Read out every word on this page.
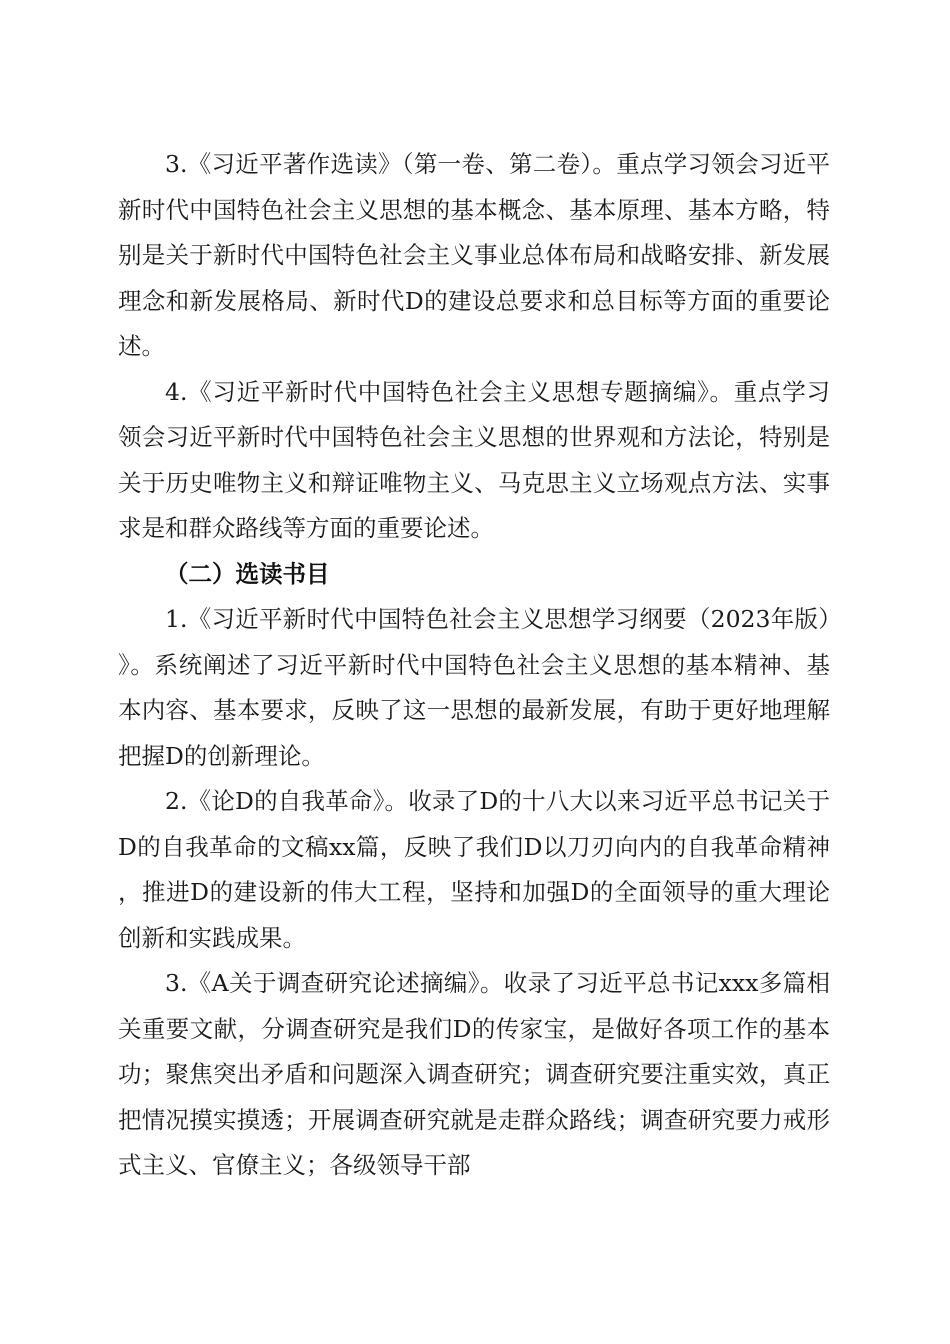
3.《习近平著作选读》（第一卷、第二卷）。重点学习领会习近平新时代中国特色社会主义思想的基本概念、基本原理、基本方略，特别是关于新时代中国特色社会主义事业总体布局和战略安排、新发展理念和新发展格局、新时代D的建设总要求和总目标等方面的重要论述。

4.《习近平新时代中国特色社会主义思想专题摘编》。重点学习领会习近平新时代中国特色社会主义思想的世界观和方法论，特别是关于历史唯物主义和辩证唯物主义、马克思主义立场观点方法、实事求是和群众路线等方面的重要论述。

（二）选读书目

1.《习近平新时代中国特色社会主义思想学习纲要（2023年版）》。系统阐述了习近平新时代中国特色社会主义思想的基本精神、基本内容、基本要求，反映了这一思想的最新发展，有助于更好地理解把握D的创新理论。

2.《论D的自我革命》。收录了D的十八大以来习近平总书记关于D的自我革命的文稿xx篇，反映了我们D以刀刃向内的自我革命精神，推进D的建设新的伟大工程，坚持和加强D的全面领导的重大理论创新和实践成果。

3.《A关于调查研究论述摘编》。收录了习近平总书记xxx多篇相关重要文献，分调查研究是我们D的传家宝，是做好各项工作的基本功；聚焦突出矛盾和问题深入调查研究；调查研究要注重实效，真正把情况摸实摸透；开展调查研究就是走群众路线；调查研究要力戒形式主义、官僚主义；各级领导干部
